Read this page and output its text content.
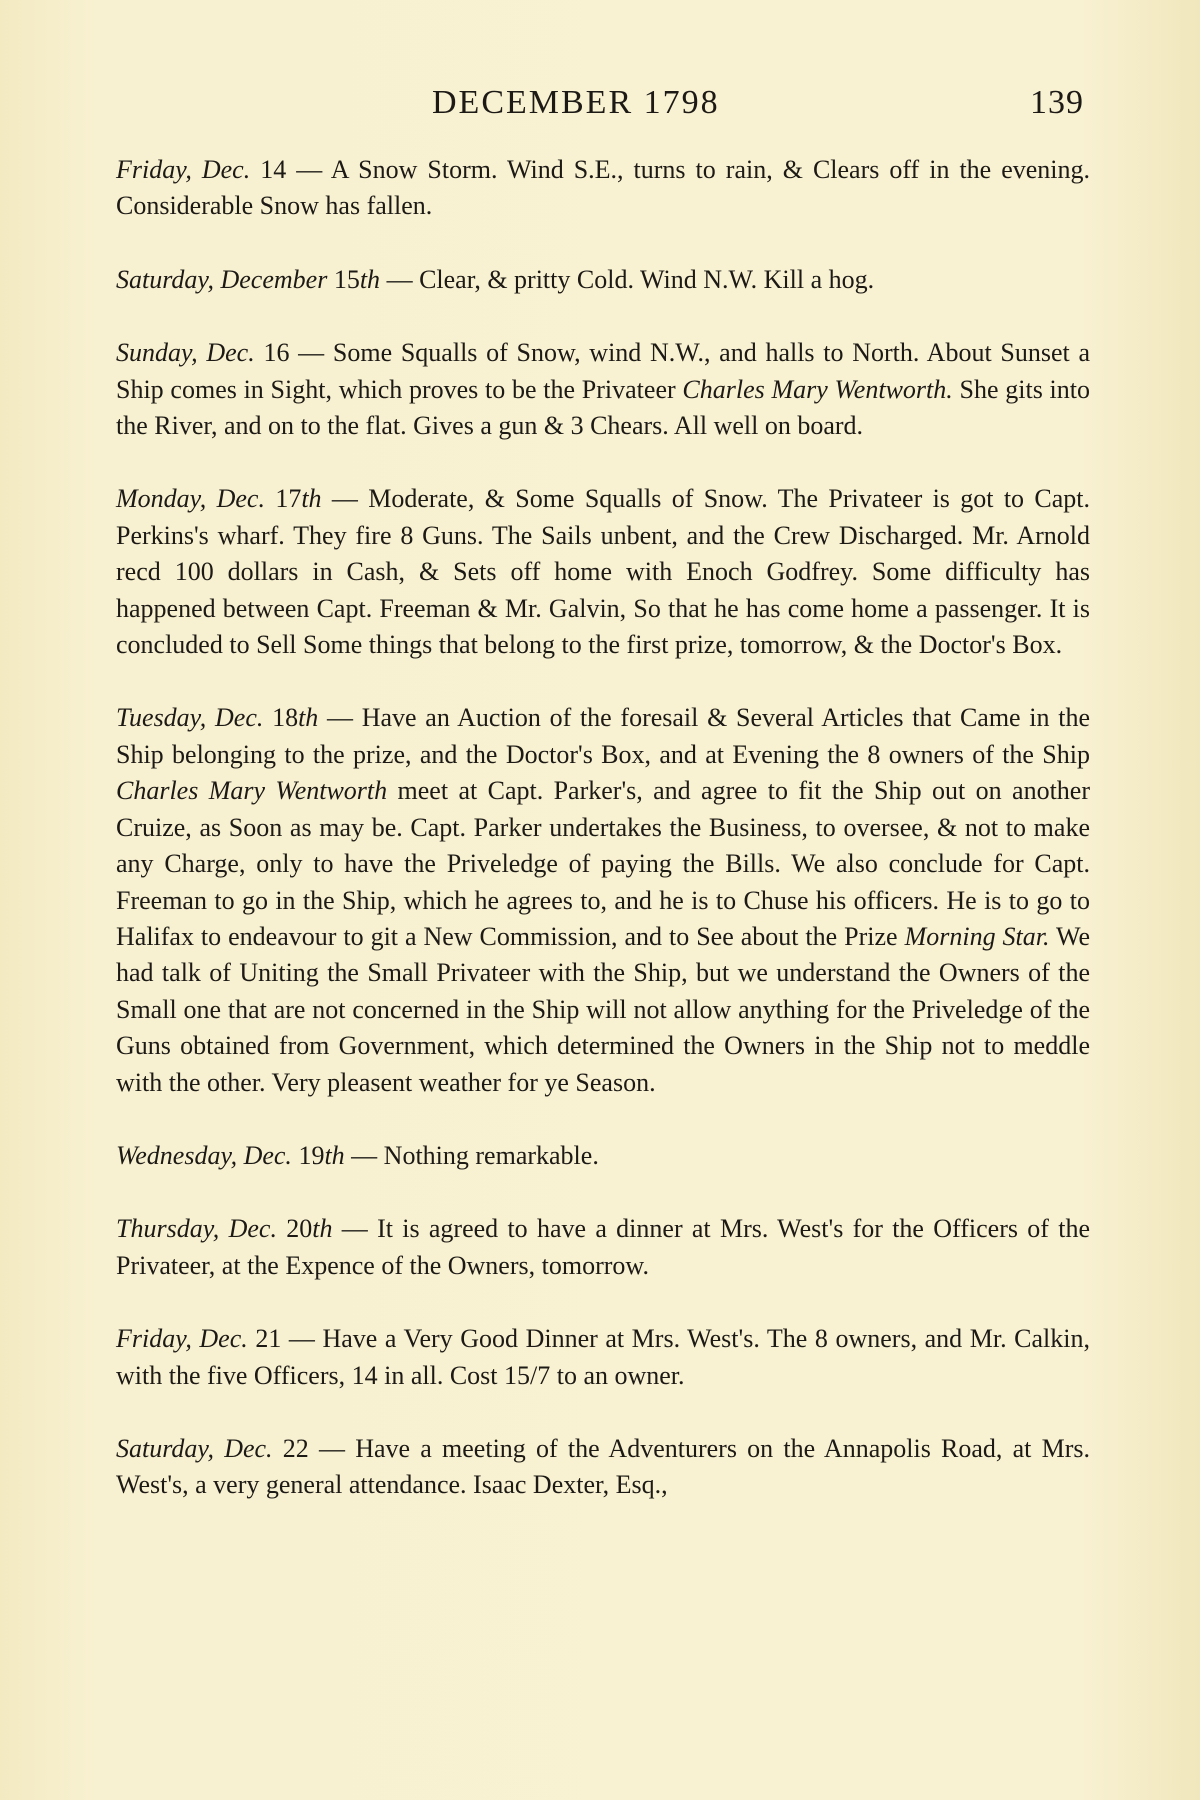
DECEMBER 1798	139

Friday, Dec. 14 — A Snow Storm. Wind S.E., turns to rain, & Clears off in the evening. Considerable Snow has fallen.

Saturday, December 15th — Clear, & pritty Cold. Wind N.W. Kill a hog.

Sunday, Dec. 16 — Some Squalls of Snow, wind N.W., and halls to North. About Sunset a Ship comes in Sight, which proves to be the Privateer Charles Mary Wentworth. She gits into the River, and on to the flat. Gives a gun & 3 Chears. All well on board.

Monday, Dec. 17th — Moderate, & Some Squalls of Snow. The Privateer is got to Capt. Perkins's wharf. They fire 8 Guns. The Sails unbent, and the Crew Discharged. Mr. Arnold recd 100 dollars in Cash, & Sets off home with Enoch Godfrey. Some difficulty has happened between Capt. Freeman & Mr. Galvin, So that he has come home a passenger. It is concluded to Sell Some things that belong to the first prize, tomorrow, & the Doctor's Box.

Tuesday, Dec. 18th — Have an Auction of the foresail & Several Articles that Came in the Ship belonging to the prize, and the Doctor's Box, and at Evening the 8 owners of the Ship Charles Mary Wentworth meet at Capt. Parker's, and agree to fit the Ship out on another Cruize, as Soon as may be. Capt. Parker undertakes the Business, to oversee, & not to make any Charge, only to have the Priveledge of paying the Bills. We also conclude for Capt. Freeman to go in the Ship, which he agrees to, and he is to Chuse his officers. He is to go to Halifax to endeavour to git a New Commission, and to See about the Prize Morning Star. We had talk of Uniting the Small Privateer with the Ship, but we understand the Owners of the Small one that are not concerned in the Ship will not allow anything for the Priveledge of the Guns obtained from Government, which determined the Owners in the Ship not to meddle with the other. Very pleasent weather for ye Season.

Wednesday, Dec. 19th — Nothing remarkable.

Thursday, Dec. 20th — It is agreed to have a dinner at Mrs. West's for the Officers of the Privateer, at the Expence of the Owners, tomorrow.

Friday, Dec. 21 — Have a Very Good Dinner at Mrs. West's. The 8 owners, and Mr. Calkin, with the five Officers, 14 in all. Cost 15/7 to an owner.

Saturday, Dec. 22 — Have a meeting of the Adventurers on the Annapolis Road, at Mrs. West's, a very general attendance. Isaac Dexter, Esq.,
